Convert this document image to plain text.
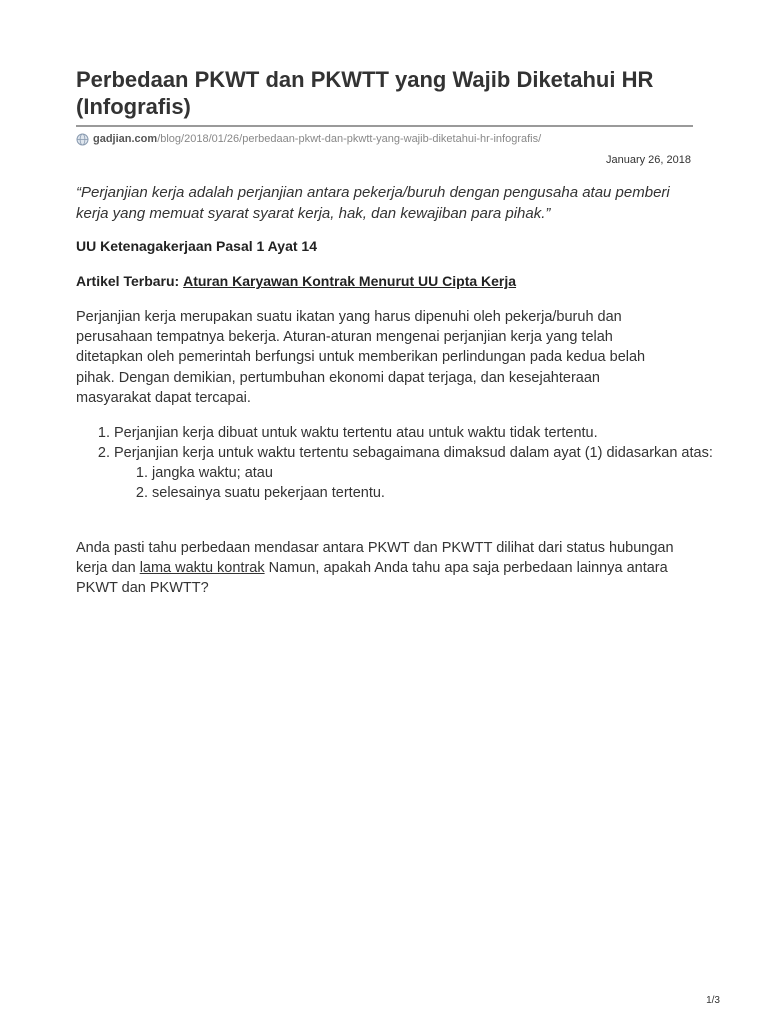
Perbedaan PKWT dan PKWTT yang Wajib Diketahui HR (Infografis)
gadjian.com /blog/2018/01/26/perbedaan-pkwt-dan-pkwtt-yang-wajib-diketahui-hr-infografis/
January 26, 2018

“Perjanjian kerja adalah perjanjian antara pekerja/buruh dengan pengusaha atau pemberi kerja yang memuat syarat syarat kerja, hak, dan kewajiban para pihak.”

UU Ketenagakerjaan Pasal 1 Ayat 14

Artikel Terbaru: Aturan Karyawan Kontrak Menurut UU Cipta Kerja

Perjanjian kerja merupakan suatu ikatan yang harus dipenuhi oleh pekerja/buruh dan perusahaan tempatnya bekerja. Aturan-aturan mengenai perjanjian kerja yang telah ditetapkan oleh pemerintah berfungsi untuk memberikan perlindungan pada kedua belah pihak. Dengan demikian, pertumbuhan ekonomi dapat terjaga, dan kesejahteraan masyarakat dapat tercapai.

1. Perjanjian kerja dibuat untuk waktu tertentu atau untuk waktu tidak tertentu.
2. Perjanjian kerja untuk waktu tertentu sebagaimana dimaksud dalam ayat (1) didasarkan atas:
1. jangka waktu; atau
2. selesainya suatu pekerjaan tertentu.

Anda pasti tahu perbedaan mendasar antara PKWT dan PKWTT dilihat dari status hubungan kerja dan lama waktu kontrak Namun, apakah Anda tahu apa saja perbedaan lainnya antara PKWT dan PKWTT?

1/3
